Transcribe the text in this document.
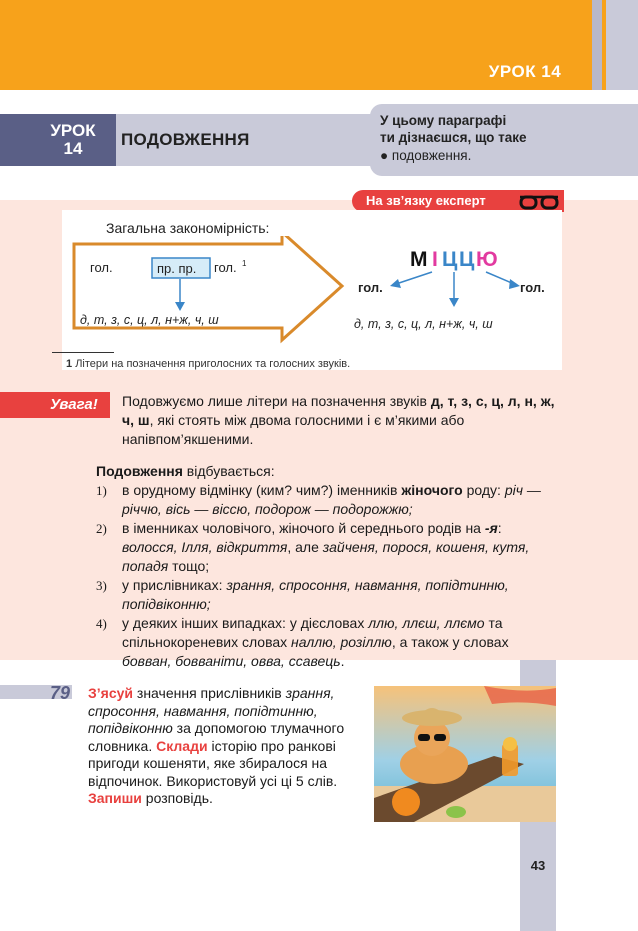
УРОК 14
УРОК
14	ПОДОВЖЕННЯ
У цьому параграфі
ти дізнаєшся, що таке
● подовження.
На зв’язку експерт
Загальна закономірність:
гол.	пр. пр. гол. 1
д, т, з, с, ц, л, н+ж, ч, ш
М І Ц Ц Ю
гол.	гол.
д, т, з, с, ц, л, н+ж, ч, ш
1 Літери на позначення приголосних та голосних звуків.
Увага!	Подовжуємо лише літери на позначення звуків д, т, з, с, ц, л, н, ж, ч, ш, які стоять між двома голосними і є м’якими або напівпом’якшеними.
Подовження відбувається:
1) в орудному відмінку (ким? чим?) іменників жіночого роду: річ — річчю, вісь — віссю, подорож — подорожжю;
2) в іменниках чоловічого, жіночого й середнього родів на -я: волосся, Ілля, відкриття, але зайченя, порося, кошеня, кутя, попадя тощо;
3) у прислівниках: зрання, спросоння, навмання, попідтинню, попідвіконню;
4) у деяких інших випадках: у дієсловах ллю, ллєш, ллємо та спільнокореневих словах наллю, розіллю, а також у словах бовван, бовваніти, овва, ссавець.
79 З’ясуй значення прислівників зрання, спросоння, навмання, попідтинню, попідвіконню за допомогою тлумачного словника. Склади історію про ранкові пригоди кошеняти, яке збиралося на відпочинок. Використовуй усі ці 5 слів. Запиши розповідь.
43
